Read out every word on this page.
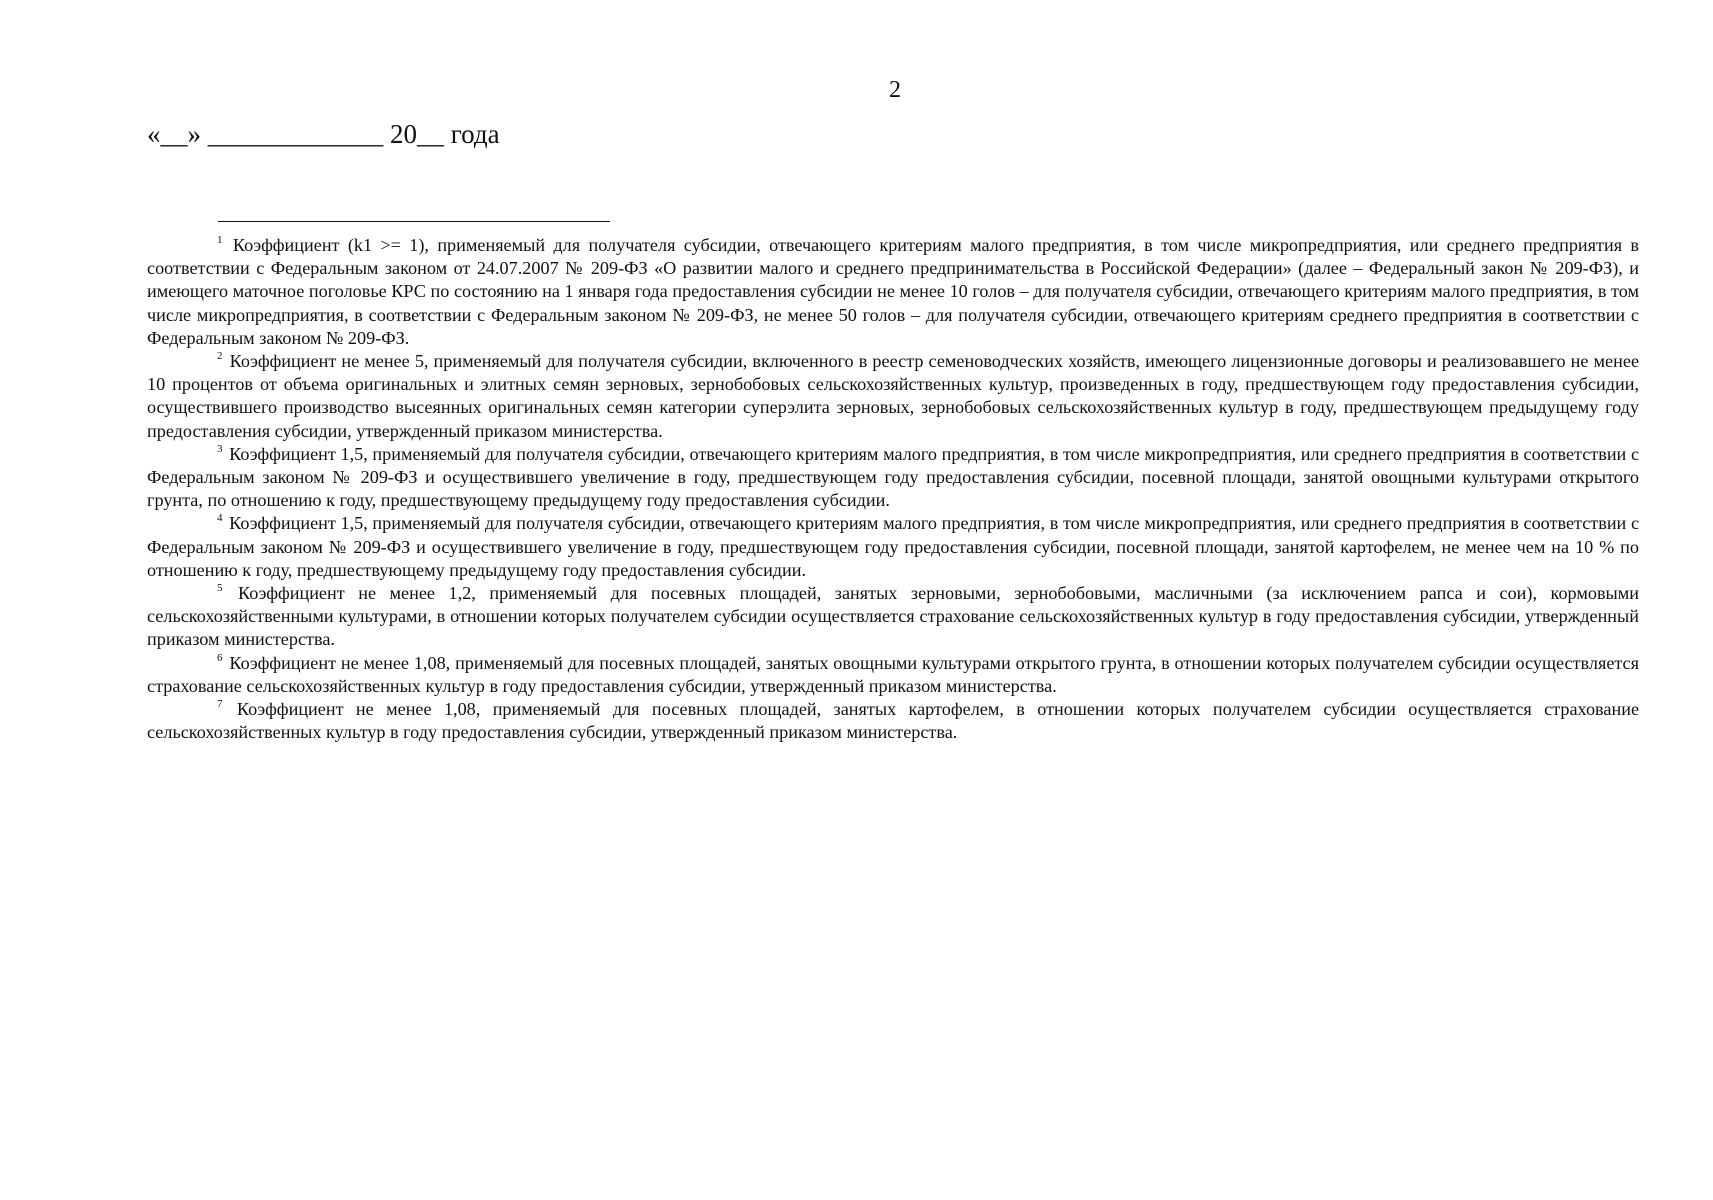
2
«__» _____________ 20__ года

$^1$ Коэффициент (k1 >= 1), применяемый для получателя субсидии, отвечающего критериям малого предприятия, в том числе микропредприятия, или среднего предприятия в соответствии с Федеральным законом от 24.07.2007 № 209-ФЗ «О развитии малого и среднего предпринимательства в Российской Федерации» (далее – Федеральный закон № 209-ФЗ), и имеющего маточное поголовье КРС по состоянию на 1 января года предоставления субсидии не менее 10 голов – для получателя субсидии, отвечающего критериям малого предприятия, в том числе микропредприятия, в соответствии с Федеральным законом № 209-ФЗ, не менее 50 голов – для получателя субсидии, отвечающего критериям среднего предприятия в соответствии с Федеральным законом № 209-ФЗ.

$^2$ Коэффициент не менее 5, применяемый для получателя субсидии, включенного в реестр семеноводческих хозяйств, имеющего лицензионные договоры и реализовавшего не менее 10 процентов от объема оригинальных и элитных семян зерновых, зернобобовых сельскохозяйственных культур, произведенных в году, предшествующем году предоставления субсидии, осуществившего производство высеянных оригинальных семян категории суперэлита зерновых, зернобобовых сельскохозяйственных культур в году, предшествующем предыдущему году предоставления субсидии, утвержденный приказом министерства.

$^3$ Коэффициент 1,5, применяемый для получателя субсидии, отвечающего критериям малого предприятия, в том числе микропредприятия, или среднего предприятия в соответствии с Федеральным законом № 209-ФЗ и осуществившего увеличение в году, предшествующем году предоставления субсидии, посевной площади, занятой овощными культурами открытого грунта, по отношению к году, предшествующему предыдущему году предоставления субсидии.

$^4$ Коэффициент 1,5, применяемый для получателя субсидии, отвечающего критериям малого предприятия, в том числе микропредприятия, или среднего предприятия в соответствии с Федеральным законом № 209-ФЗ и осуществившего увеличение в году, предшествующем году предоставления субсидии, посевной площади, занятой картофелем, не менее чем на 10 % по отношению к году, предшествующему предыдущему году предоставления субсидии.

$^5$ Коэффициент не менее 1,2, применяемый для посевных площадей, занятых зерновыми, зернобобовыми, масличными (за исключением рапса и сои), кормовыми сельскохозяйственными культурами, в отношении которых получателем субсидии осуществляется страхование сельскохозяйственных культур в году предоставления субсидии, утвержденный приказом министерства.

$^6$ Коэффициент не менее 1,08, применяемый для посевных площадей, занятых овощными культурами открытого грунта, в отношении которых получателем субсидии осуществляется страхование сельскохозяйственных культур в году предоставления субсидии, утвержденный приказом министерства.

$^7$ Коэффициент не менее 1,08, применяемый для посевных площадей, занятых картофелем, в отношении которых получателем субсидии осуществляется страхование сельскохозяйственных культур в году предоставления субсидии, утвержденный приказом министерства.
